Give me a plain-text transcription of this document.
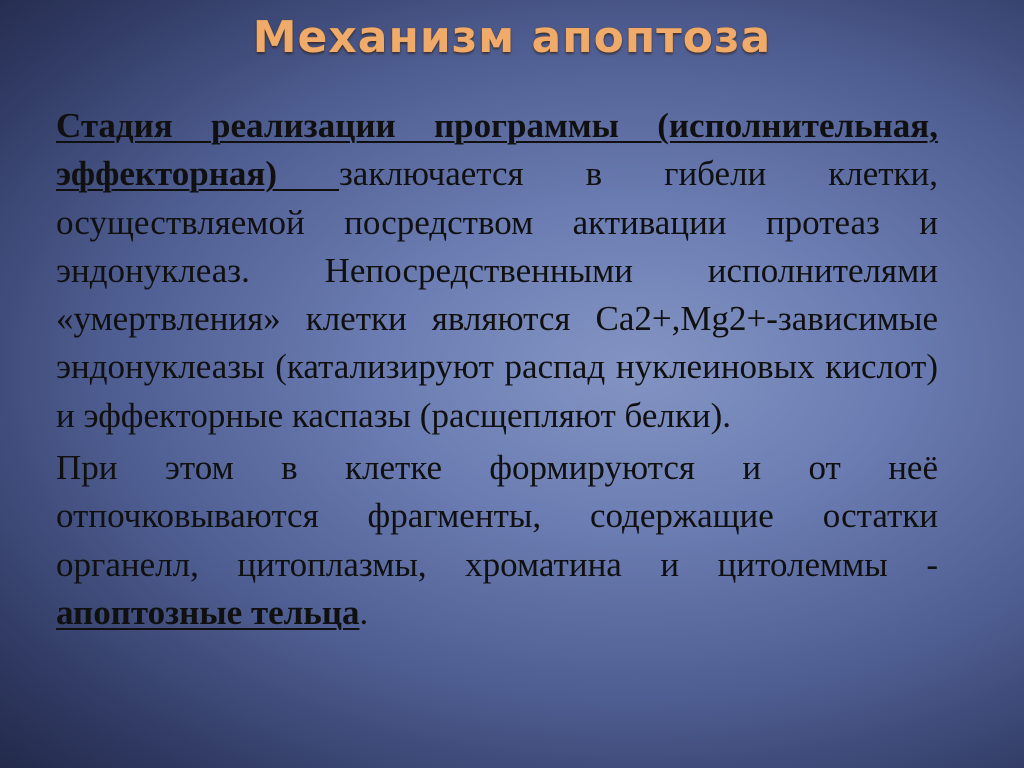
Механизм апоптоза

Стадия реализации программы (исполнительная, эффекторная) заключается в гибели клетки, осуществляемой посредством активации протеаз и эндонуклеаз. Непосредственными исполнителями «умертвления» клетки являются Ca2+,Mg2+-зависимые эндонуклеазы (катализируют распад нуклеиновых кислот) и эффекторные каспазы (расщепляют белки).

При этом в клетке формируются и от неё отпочковываются фрагменты, содержащие остатки органелл, цитоплазмы, хроматина и цитолеммы - апоптозные тельца.
